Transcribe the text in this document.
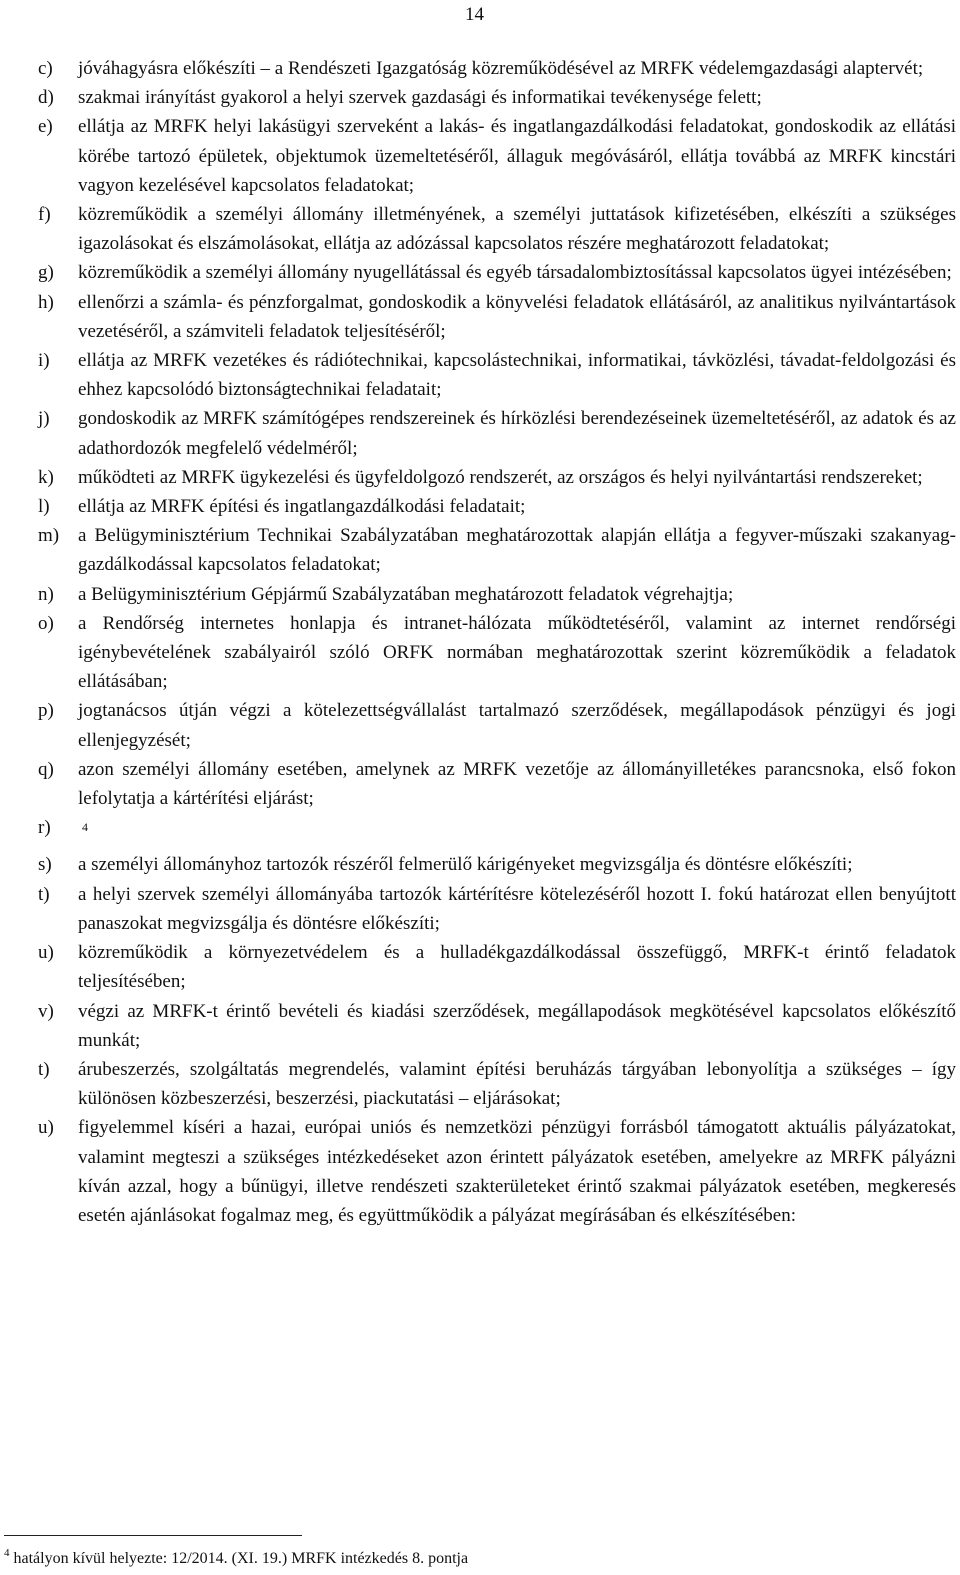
14
c)	jóváhagyásra előkészíti – a Rendészeti Igazgatóság közreműködésével az MRFK védelemgazdasági alaptervét;
d)	szakmai irányítást gyakorol a helyi szervek gazdasági és informatikai tevékenysége felett;
e)	ellátja az MRFK helyi lakásügyi szerveként a lakás- és ingatlangazdálkodási feladatokat, gondoskodik az ellátási körébe tartozó épületek, objektumok üzemeltetéséről, állaguk megóvásáról, ellátja továbbá az MRFK kincstári vagyon kezelésével kapcsolatos feladatokat;
f)	közreműködik a személyi állomány illetményének, a személyi juttatások kifizetésében, elkészíti a szükséges igazolásokat és elszámolásokat, ellátja az adózással kapcsolatos részére meghatározott feladatokat;
g)	közreműködik a személyi állomány nyugellátással és egyéb társadalombiztosítással kapcsolatos ügyei intézésében;
h)	ellenőrzi a számla- és pénzforgalmat, gondoskodik a könyvelési feladatok ellátásáról, az analitikus nyilvántartások vezetéséről, a számviteli feladatok teljesítéséről;
i)	ellátja az MRFK vezetékes és rádiótechnikai, kapcsolástechnikai, informatikai, távközlési, távadat-feldolgozási és ehhez kapcsolódó biztonságtechnikai feladatait;
j)	gondoskodik az MRFK számítógépes rendszereinek és hírközlési berendezéseinek üzemeltetéséről, az adatok és az adathordozók megfelelő védelméről;
k)	működteti az MRFK ügykezelési és ügyfeldolgozó rendszerét, az országos és helyi nyilvántartási rendszereket;
l)	ellátja az MRFK építési és ingatlangazdálkodási feladatait;
m) a Belügyminisztérium Technikai Szabályzatában meghatározottak alapján ellátja a fegyver-műszaki szakanyag-gazdálkodással kapcsolatos feladatokat;
n)	a Belügyminisztérium Gépjármű Szabályzatában meghatározott feladatok végrehajtja;
o)	a Rendőrség internetes honlapja és intranet-hálózata működtetéséről, valamint az internet rendőrségi igénybevételének szabályairól szóló ORFK normában meghatározottak szerint közreműködik a feladatok ellátásában;
p)	jogtanácsos útján végzi a kötelezettségvállalást tartalmazó szerződések, megállapodások pénzügyi és jogi ellenjegyzését;
q)	azon személyi állomány esetében, amelynek az MRFK vezetője az állományilletékes parancsnoka, első fokon lefolytatja a kártérítési eljárást;
r)	$^4$
s)	a személyi állományhoz tartozók részéről felmerülő kárigényeket megvizsgálja és döntésre előkészíti;
t)	a helyi szervek személyi állományába tartozók kártérítésre kötelezéséről hozott I. fokú határozat ellen benyújtott panaszokat megvizsgálja és döntésre előkészíti;
u)	közreműködik a környezetvédelem és a hulladékgazdálkodással összefüggő, MRFK-t érintő feladatok teljesítésében;
v)	végzi az MRFK-t érintő bevételi és kiadási szerződések, megállapodások megkötésével kapcsolatos előkészítő munkát;
t)	árubeszerzés, szolgáltatás megrendelés, valamint építési beruházás tárgyában lebonyolítja a szükséges – így különösen közbeszerzési, beszerzési, piackutatási – eljárásokat;
u)	figyelemmel kíséri a hazai, európai uniós és nemzetközi pénzügyi forrásból támogatott aktuális pályázatokat, valamint megteszi a szükséges intézkedéseket azon érintett pályázatok esetében, amelyekre az MRFK pályázni kíván azzal, hogy a bűnügyi, illetve rendészeti szakterületeket érintő szakmai pályázatok esetében, megkeresés esetén ajánlásokat fogalmaz meg, és együttműködik a pályázat megírásában és elkészítésében:
$^4$ hatályon kívül helyezte: 12/2014. (XI. 19.) MRFK intézkedés 8. pontja
